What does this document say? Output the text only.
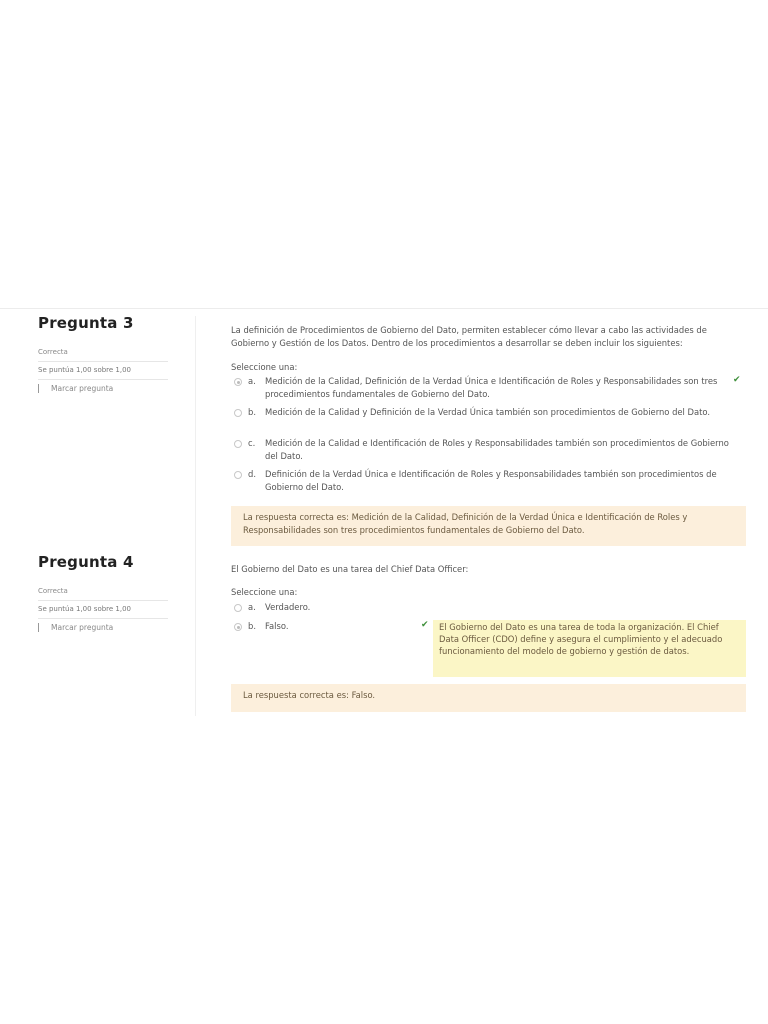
Pregunta 3
Correcta
Se puntúa 1,00 sobre 1,00
Marcar pregunta
La definición de Procedimientos de Gobierno del Dato, permiten establecer cómo llevar a cabo las actividades de Gobierno y Gestión de los Datos. Dentro de los procedimientos a desarrollar se deben incluir los siguientes:
Seleccione una:
a.	Medición de la Calidad, Definición de la Verdad Única e Identificación de Roles y Responsabilidades son tres procedimientos fundamentales de Gobierno del Dato.
✔
b.	Medición de la Calidad y Definición de la Verdad Única también son procedimientos de Gobierno del Dato.
c.	Medición de la Calidad e Identificación de Roles y Responsabilidades también son procedimientos de Gobierno del Dato.
d.	Definición de la Verdad Única e Identificación de Roles y Responsabilidades también son procedimientos de Gobierno del Dato.
La respuesta correcta es: Medición de la Calidad, Definición de la Verdad Única e Identificación de Roles y Responsabilidades son tres procedimientos fundamentales de Gobierno del Dato.
Pregunta 4
Correcta
Se puntúa 1,00 sobre 1,00
Marcar pregunta
El Gobierno del Dato es una tarea del Chief Data Officer:
Seleccione una:
a.	Verdadero.
b.	Falso.	✔	El Gobierno del Dato es una tarea de toda la organización. El Chief Data Officer (CDO) define y asegura el cumplimiento y el adecuado funcionamiento del modelo de gobierno y gestión de datos.
La respuesta correcta es: Falso.
